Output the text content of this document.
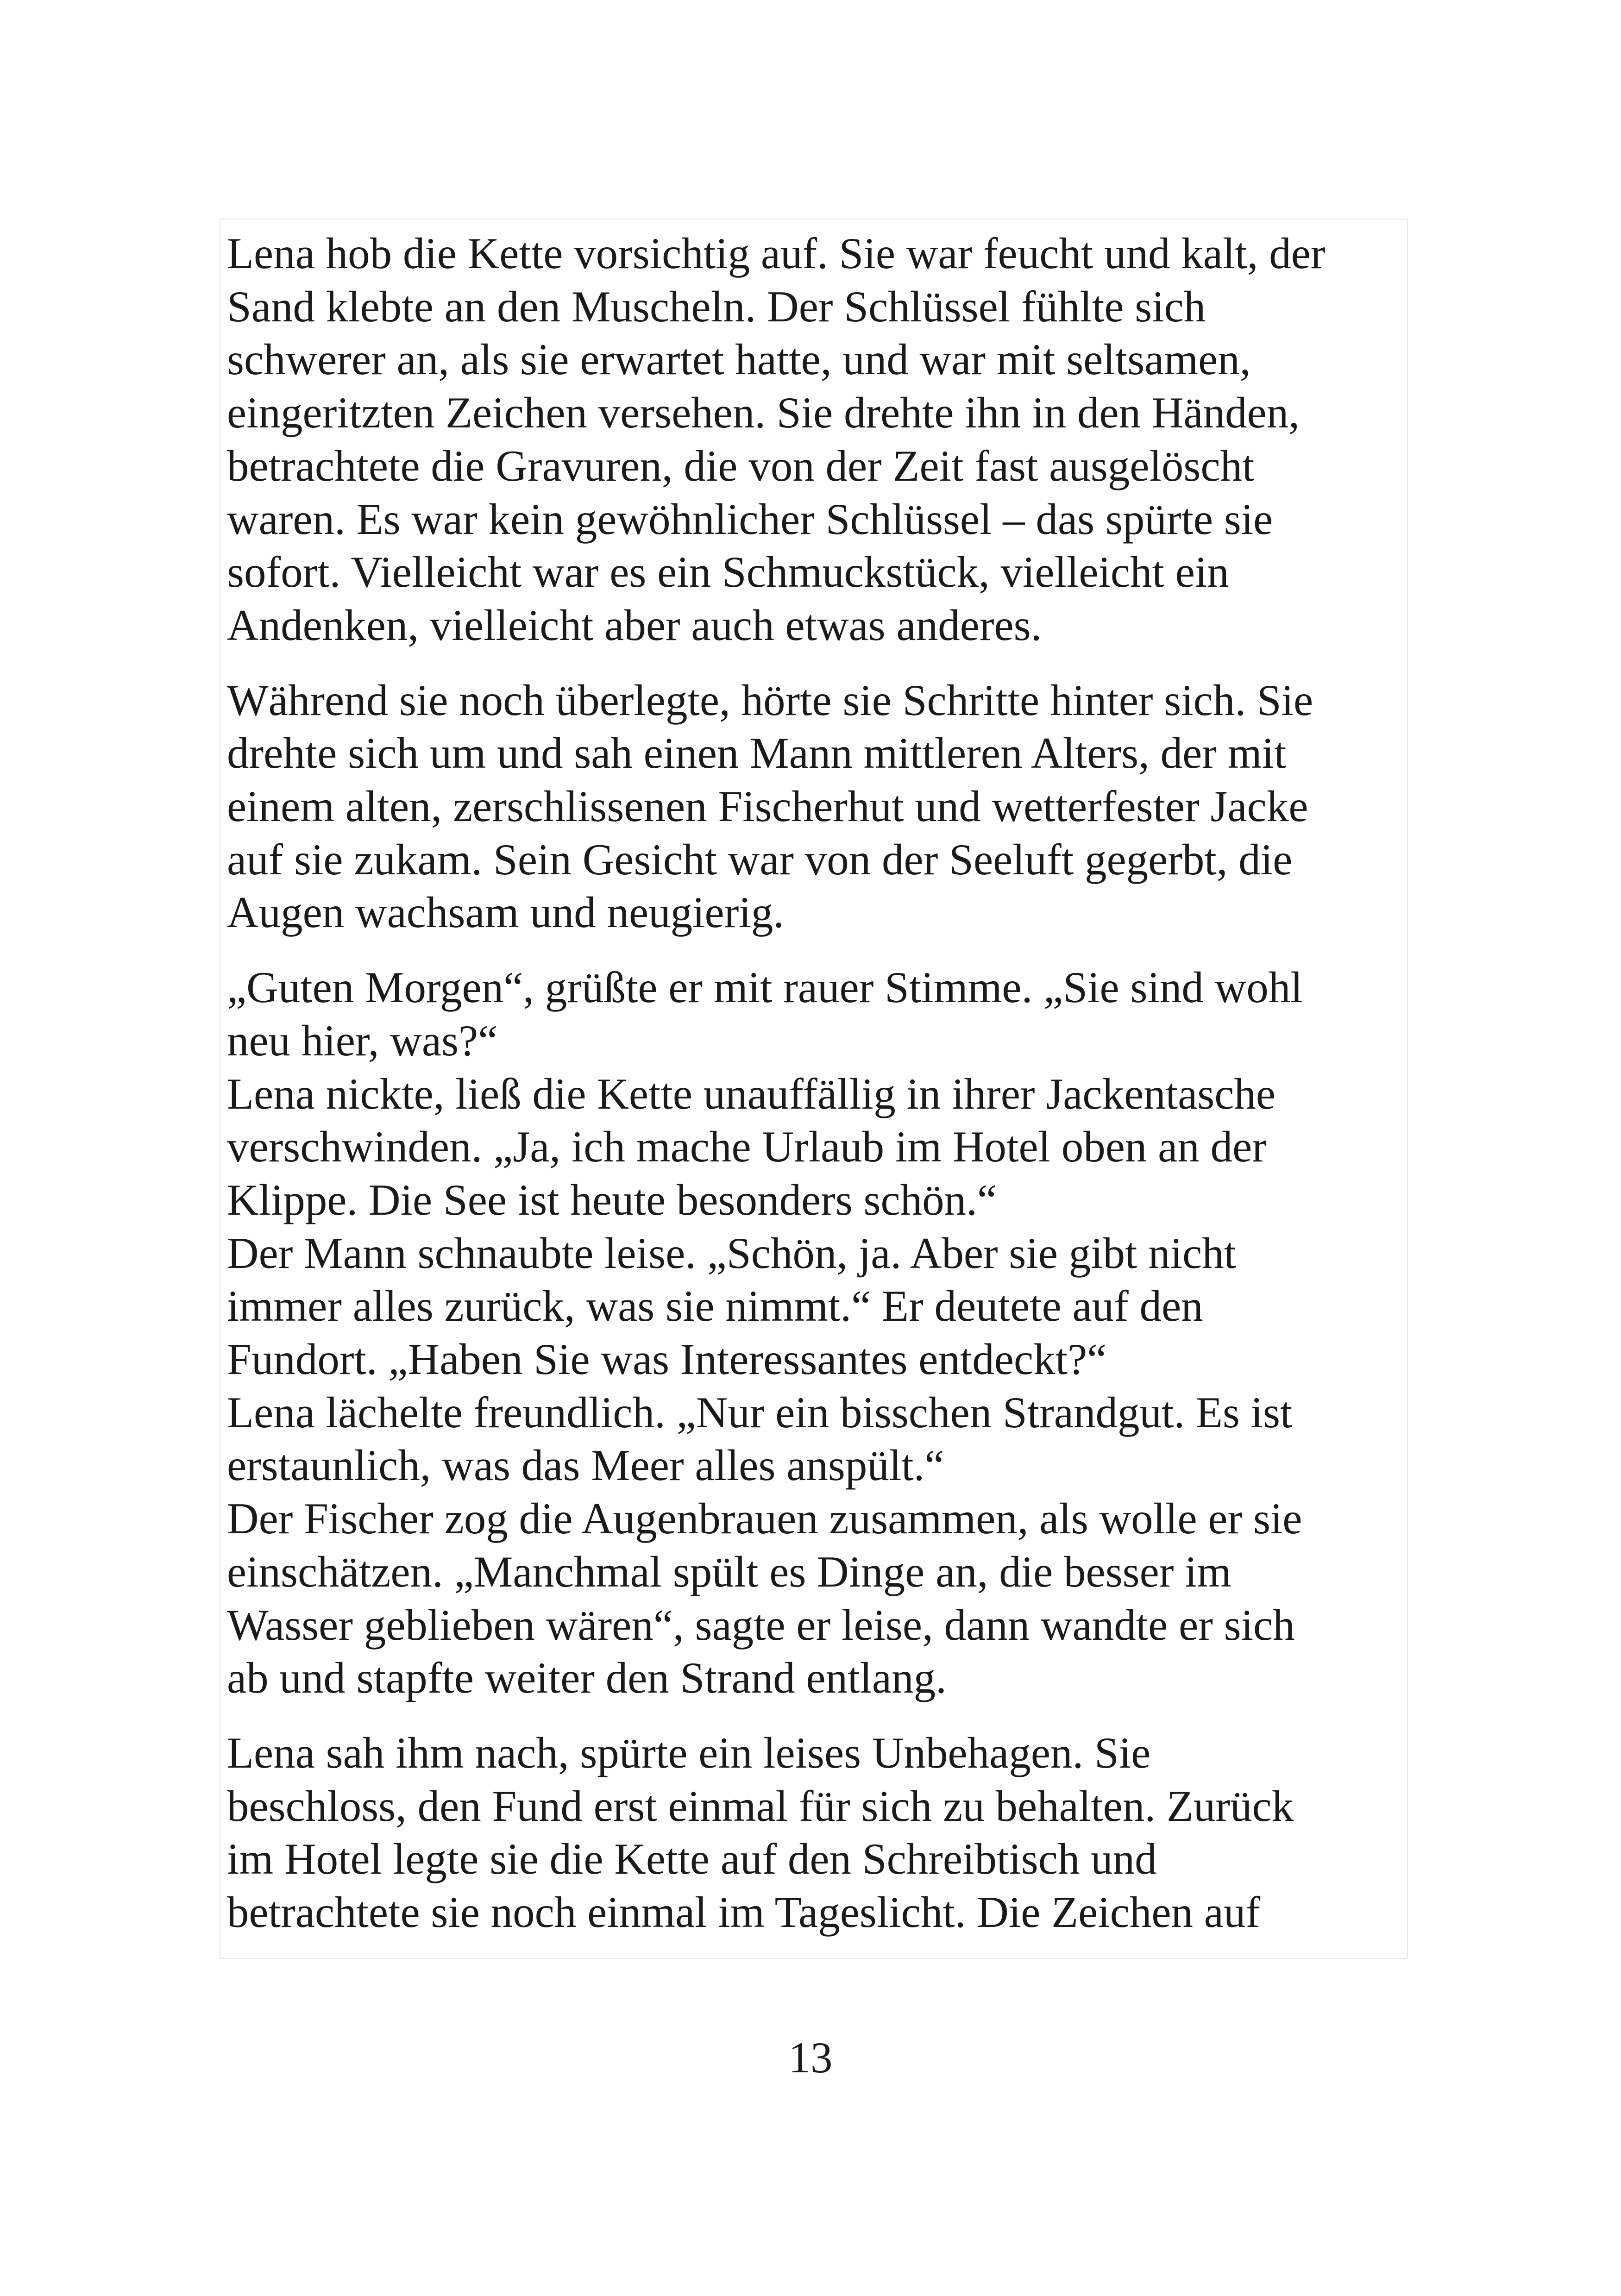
Lena hob die Kette vorsichtig auf. Sie war feucht und kalt, der
Sand klebte an den Muscheln. Der Schlüssel fühlte sich
schwerer an, als sie erwartet hatte, und war mit seltsamen,
eingeritzten Zeichen versehen. Sie drehte ihn in den Händen,
betrachtete die Gravuren, die von der Zeit fast ausgelöscht
waren. Es war kein gewöhnlicher Schlüssel – das spürte sie
sofort. Vielleicht war es ein Schmuckstück, vielleicht ein
Andenken, vielleicht aber auch etwas anderes.
Während sie noch überlegte, hörte sie Schritte hinter sich. Sie
drehte sich um und sah einen Mann mittleren Alters, der mit
einem alten, zerschlissenen Fischerhut und wetterfester Jacke
auf sie zukam. Sein Gesicht war von der Seeluft gegerbt, die
Augen wachsam und neugierig.
„Guten Morgen“, grüßte er mit rauer Stimme. „Sie sind wohl
neu hier, was?“
Lena nickte, ließ die Kette unauffällig in ihrer Jackentasche
verschwinden. „Ja, ich mache Urlaub im Hotel oben an der
Klippe. Die See ist heute besonders schön.“
Der Mann schnaubte leise. „Schön, ja. Aber sie gibt nicht
immer alles zurück, was sie nimmt.“ Er deutete auf den
Fundort. „Haben Sie was Interessantes entdeckt?“
Lena lächelte freundlich. „Nur ein bisschen Strandgut. Es ist
erstaunlich, was das Meer alles anspült.“
Der Fischer zog die Augenbrauen zusammen, als wolle er sie
einschätzen. „Manchmal spült es Dinge an, die besser im
Wasser geblieben wären“, sagte er leise, dann wandte er sich
ab und stapfte weiter den Strand entlang.
Lena sah ihm nach, spürte ein leises Unbehagen. Sie
beschloss, den Fund erst einmal für sich zu behalten. Zurück
im Hotel legte sie die Kette auf den Schreibtisch und
betrachtete sie noch einmal im Tageslicht. Die Zeichen auf
13
